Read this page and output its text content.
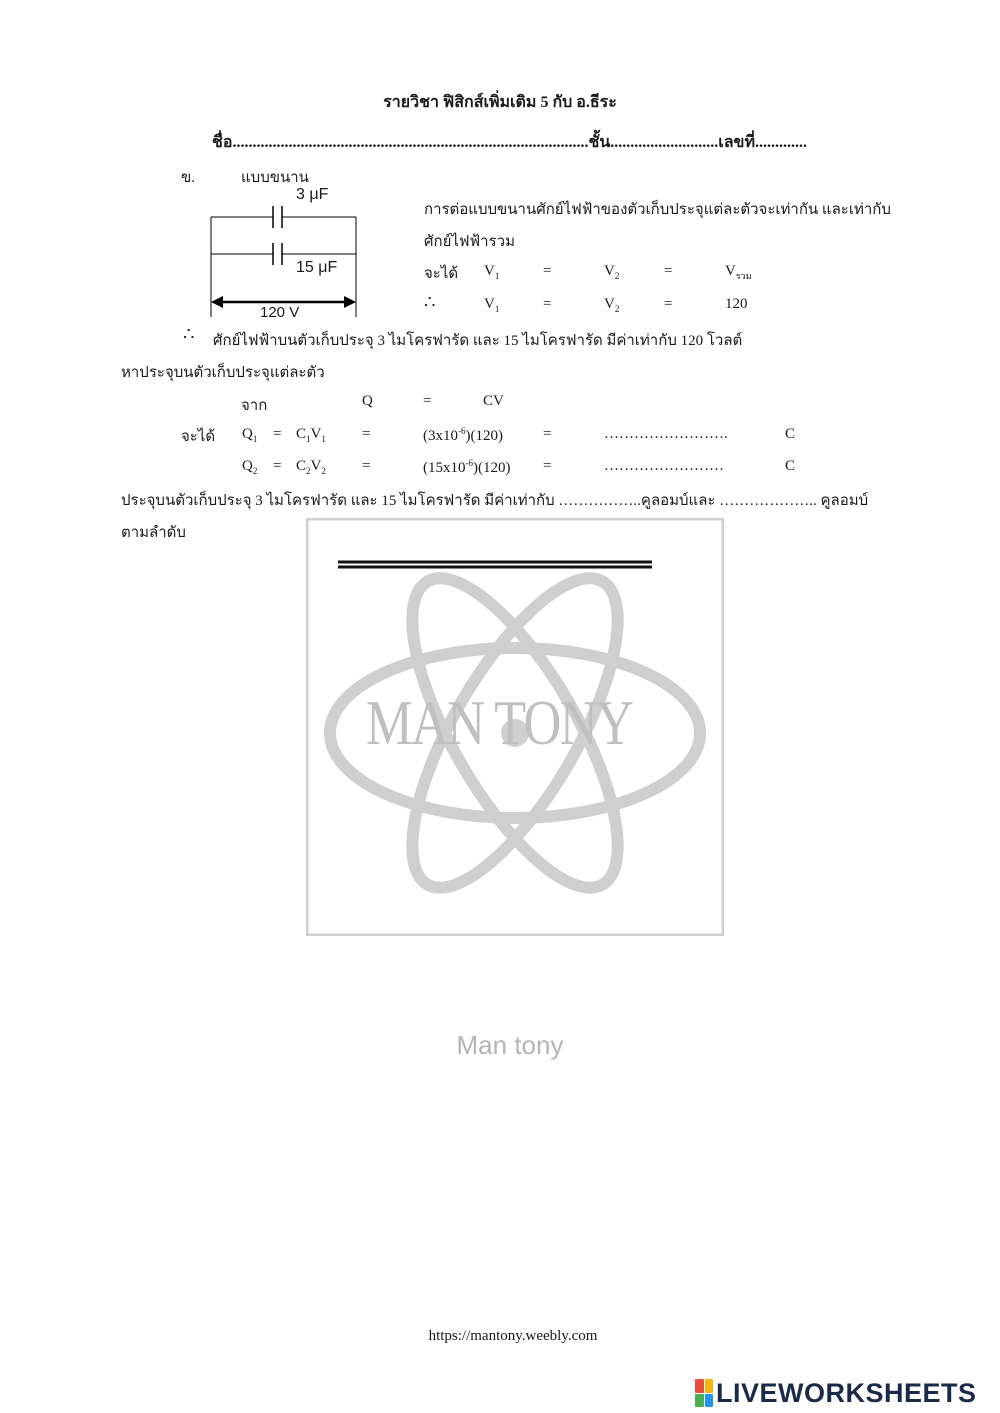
รายวิชา ฟิสิกส์เพิ่มเติม 5 กับ อ.ธีระ
ชื่อ.........................................................................................ชั้น...........................เลขที่.............
ข.	แบบขนาน
3 μF
15 μF
120 V
การต่อแบบขนานศักย์ไฟฟ้าของตัวเก็บประจุแต่ละตัวจะเท่ากัน และเท่ากับ
ศักย์ไฟฟ้ารวม
จะได้ $V_1$	=	$V_2$	=	$V_{รวม}$
∴	$V_1$	=	$V_2$	=	120
∴ ศักย์ไฟฟ้าบนตัวเก็บประจุ 3 ไมโครฟารัด และ 15 ไมโครฟารัด มีค่าเท่ากับ 120 โวลต์
หาประจุบนตัวเก็บประจุแต่ละตัว
จาก	Q	=	CV
จะได้ $Q_1 = C_1V_1$ =	$(3x10^{-6})(120)$	=	…………………….	C
$Q_2 = C_2V_2$ =	$(15x10^{-6})(120)$ =	……………………	C
ประจุบนตัวเก็บประจุ 3 ไมโครฟารัด และ 15 ไมโครฟารัด มีค่าเท่ากับ ……………..คูลอมบ์และ ……………….. คูลอมบ์
ตามลำดับ
MAN TONY
Man tony
https://mantony.weebly.com
LIVEWORKSHEETS
